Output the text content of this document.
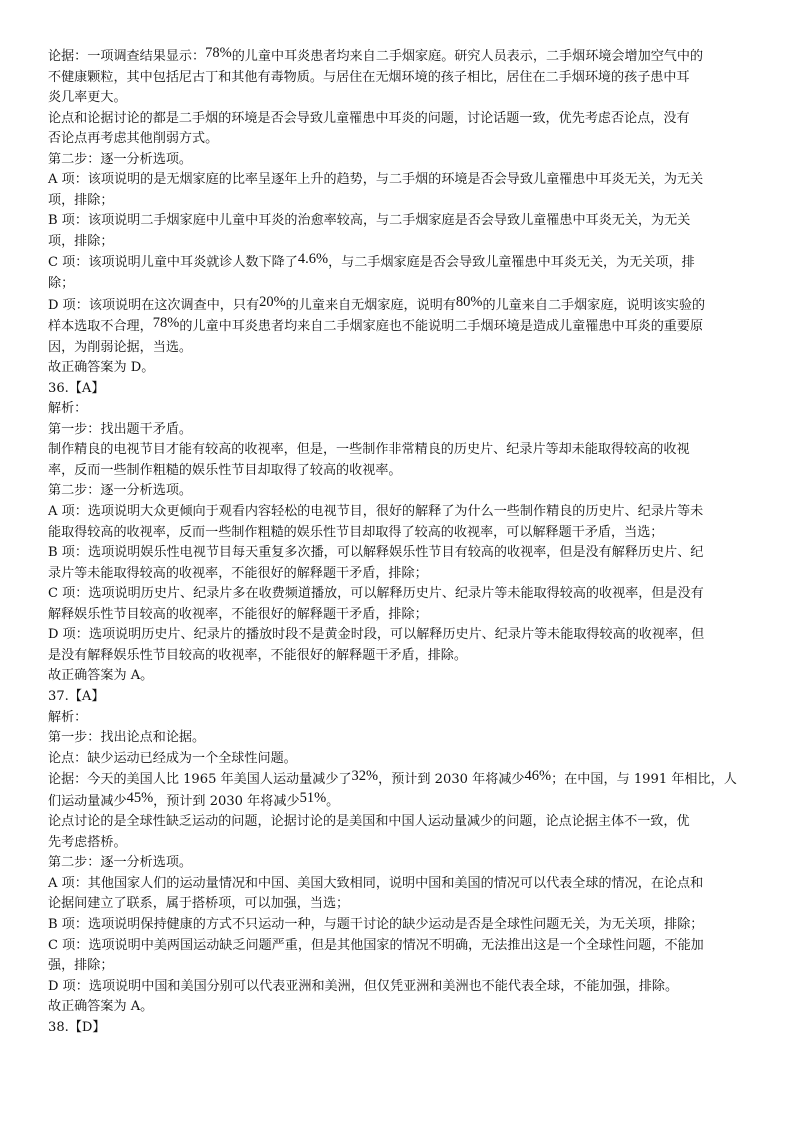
论据：一项调查结果显示：78%的儿童中耳炎患者均来自二手烟家庭。研究人员表示，二手烟环境会增加空气中的

不健康颗粒，其中包括尼古丁和其他有毒物质。与居住在无烟环境的孩子相比，居住在二手烟环境的孩子患中耳

炎几率更大。

论点和论据讨论的都是二手烟的环境是否会导致儿童罹患中耳炎的问题，讨论话题一致，优先考虑否论点，没有

否论点再考虑其他削弱方式。

第二步：逐一分析选项。

A 项：该项说明的是无烟家庭的比率呈逐年上升的趋势，与二手烟的环境是否会导致儿童罹患中耳炎无关，为无关

项，排除；

B 项：该项说明二手烟家庭中儿童中耳炎的治愈率较高，与二手烟家庭是否会导致儿童罹患中耳炎无关，为无关

项，排除；

C 项：该项说明儿童中耳炎就诊人数下降了4.6%，与二手烟家庭是否会导致儿童罹患中耳炎无关，为无关项，排

除；

D 项：该项说明在这次调查中，只有20%的儿童来自无烟家庭，说明有80%的儿童来自二手烟家庭，说明该实验的

样本选取不合理，78%的儿童中耳炎患者均来自二手烟家庭也不能说明二手烟环境是造成儿童罹患中耳炎的重要原

因，为削弱论据，当选。

故正确答案为 D。

36.【A】

解析：

第一步：找出题干矛盾。

制作精良的电视节目才能有较高的收视率，但是，一些制作非常精良的历史片、纪录片等却未能取得较高的收视

率，反而一些制作粗糙的娱乐性节目却取得了较高的收视率。

第二步：逐一分析选项。

A 项：选项说明大众更倾向于观看内容轻松的电视节目，很好的解释了为什么一些制作精良的历史片、纪录片等未

能取得较高的收视率，反而一些制作粗糙的娱乐性节目却取得了较高的收视率，可以解释题干矛盾，当选；

B 项：选项说明娱乐性电视节目每天重复多次播，可以解释娱乐性节目有较高的收视率，但是没有解释历史片、纪

录片等未能取得较高的收视率，不能很好的解释题干矛盾，排除；

C 项：选项说明历史片、纪录片多在收费频道播放，可以解释历史片、纪录片等未能取得较高的收视率，但是没有

解释娱乐性节目较高的收视率，不能很好的解释题干矛盾，排除；

D 项：选项说明历史片、纪录片的播放时段不是黄金时段，可以解释历史片、纪录片等未能取得较高的收视率，但

是没有解释娱乐性节目较高的收视率，不能很好的解释题干矛盾，排除。

故正确答案为 A。

37.【A】

解析：

第一步：找出论点和论据。

论点：缺少运动已经成为一个全球性问题。

论据：今天的美国人比 1965 年美国人运动量减少了32%，预计到 2030 年将减少46%；在中国，与 1991 年相比，人

们运动量减少45%，预计到 2030 年将减少51%。

论点讨论的是全球性缺乏运动的问题，论据讨论的是美国和中国人运动量减少的问题，论点论据主体不一致，优

先考虑搭桥。

第二步：逐一分析选项。

A 项：其他国家人们的运动量情况和中国、美国大致相同，说明中国和美国的情况可以代表全球的情况，在论点和

论据间建立了联系，属于搭桥项，可以加强，当选；

B 项：选项说明保持健康的方式不只运动一种，与题干讨论的缺少运动是否是全球性问题无关，为无关项，排除；

C 项：选项说明中美两国运动缺乏问题严重，但是其他国家的情况不明确，无法推出这是一个全球性问题，不能加

强，排除；

D 项：选项说明中国和美国分别可以代表亚洲和美洲，但仅凭亚洲和美洲也不能代表全球，不能加强，排除。

故正确答案为 A。

38.【D】
